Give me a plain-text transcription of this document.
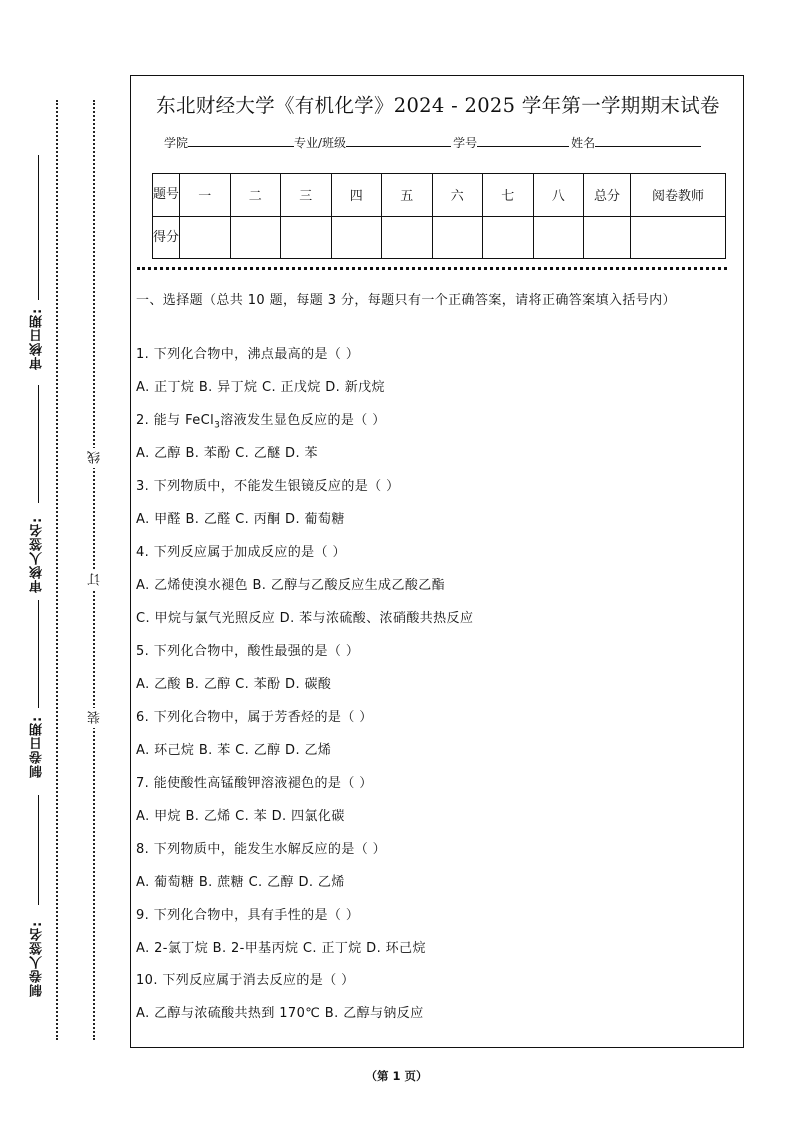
审核日期:
审核人签名:
制卷日期:
制卷人签名:
线
订
装
东北财经大学《有机化学》2024 - 2025 学年第一学期期末试卷
学院	专业/班级	学号	姓名
题号	一	二	三	四	五	六	七	八	总分	阅卷教师
得分										
一、选择题（总共 10 题，每题 3 分，每题只有一个正确答案，请将正确答案填入括号内）
1. 下列化合物中，沸点最高的是（ ）
A. 正丁烷 B. 异丁烷 C. 正戊烷 D. 新戊烷
2. 能与 FeCl$_3$溶液发生显色反应的是（ ）
A. 乙醇 B. 苯酚 C. 乙醚 D. 苯
3. 下列物质中，不能发生银镜反应的是（ ）
A. 甲醛 B. 乙醛 C. 丙酮 D. 葡萄糖
4. 下列反应属于加成反应的是（ ）
A. 乙烯使溴水褪色 B. 乙醇与乙酸反应生成乙酸乙酯
C. 甲烷与氯气光照反应 D. 苯与浓硫酸、浓硝酸共热反应
5. 下列化合物中，酸性最强的是（ ）
A. 乙酸 B. 乙醇 C. 苯酚 D. 碳酸
6. 下列化合物中，属于芳香烃的是（ ）
A. 环己烷 B. 苯 C. 乙醇 D. 乙烯
7. 能使酸性高锰酸钾溶液褪色的是（ ）
A. 甲烷 B. 乙烯 C. 苯 D. 四氯化碳
8. 下列物质中，能发生水解反应的是（ ）
A. 葡萄糖 B. 蔗糖 C. 乙醇 D. 乙烯
9. 下列化合物中，具有手性的是（ ）
A. 2-氯丁烷 B. 2-甲基丙烷 C. 正丁烷 D. 环己烷
10. 下列反应属于消去反应的是（ ）
A. 乙醇与浓硫酸共热到 170℃ B. 乙醇与钠反应
（第 1 页）
